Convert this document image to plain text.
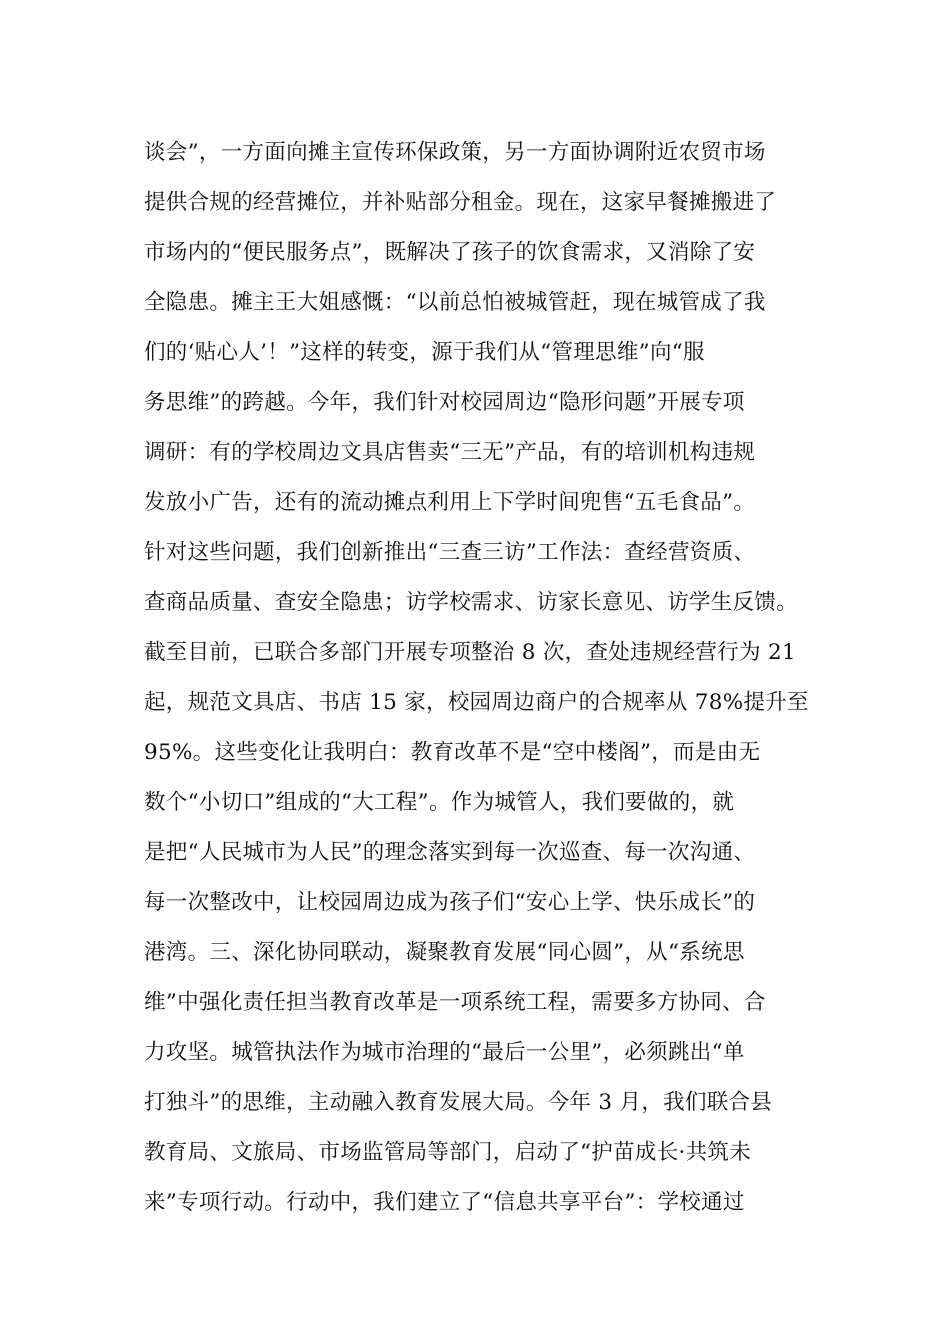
谈会”，一方面向摊主宣传环保政策，另一方面协调附近农贸市场
提供合规的经营摊位，并补贴部分租金。现在，这家早餐摊搬进了
市场内的“便民服务点”，既解决了孩子的饮食需求，又消除了安
全隐患。摊主王大姐感慨：“以前总怕被城管赶，现在城管成了我
们的‘贴心人’！”这样的转变，源于我们从“管理思维”向“服
务思维”的跨越。今年，我们针对校园周边“隐形问题”开展专项
调研：有的学校周边文具店售卖“三无”产品，有的培训机构违规
发放小广告，还有的流动摊点利用上下学时间兜售“五毛食品”。
针对这些问题，我们创新推出“三查三访”工作法：查经营资质、
查商品质量、查安全隐患；访学校需求、访家长意见、访学生反馈。
截至目前，已联合多部门开展专项整治 8 次，查处违规经营行为 21
起，规范文具店、书店 15 家，校园周边商户的合规率从 78%提升至
95%。这些变化让我明白：教育改革不是“空中楼阁”，而是由无
数个“小切口”组成的“大工程”。作为城管人，我们要做的，就
是把“人民城市为人民”的理念落实到每一次巡查、每一次沟通、
每一次整改中，让校园周边成为孩子们“安心上学、快乐成长”的
港湾。三、深化协同联动，凝聚教育发展“同心圆”，从“系统思
维”中强化责任担当教育改革是一项系统工程，需要多方协同、合
力攻坚。城管执法作为城市治理的“最后一公里”，必须跳出“单
打独斗”的思维，主动融入教育发展大局。今年 3 月，我们联合县
教育局、文旅局、市场监管局等部门，启动了“护苗成长·共筑未
来”专项行动。行动中，我们建立了“信息共享平台”：学校通过
